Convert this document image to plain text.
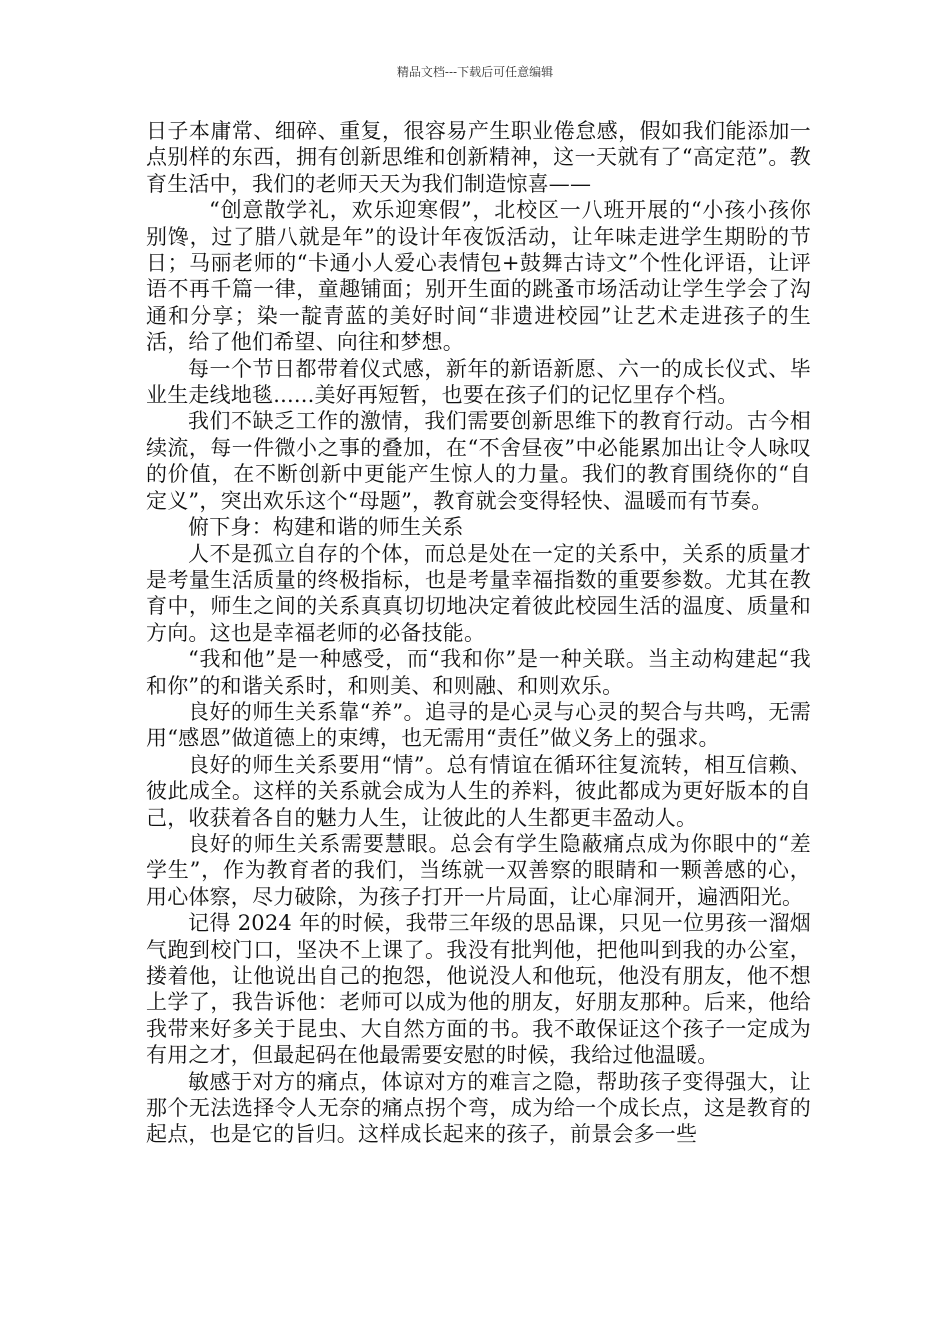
精品文档---下载后可任意编辑

日子本庸常、细碎、重复，很容易产生职业倦怠感，假如我们能添加一点别样的东西，拥有创新思维和创新精神，这一天就有了“高定范”。教育生活中，我们的老师天天为我们制造惊喜——

“创意散学礼，欢乐迎寒假”，北校区一八班开展的“小孩小孩你别馋，过了腊八就是年”的设计年夜饭活动，让年味走进学生期盼的节日；马丽老师的“卡通小人爱心表情包+鼓舞古诗文”个性化评语，让评语不再千篇一律，童趣铺面；别开生面的跳蚤市场活动让学生学会了沟通和分享；染一靛青蓝的美好时间“非遗进校园”让艺术走进孩子的生活，给了他们希望、向往和梦想。

每一个节日都带着仪式感，新年的新语新愿、六一的成长仪式、毕业生走线地毯......美好再短暂，也要在孩子们的记忆里存个档。

我们不缺乏工作的激情，我们需要创新思维下的教育行动。古今相续流，每一件微小之事的叠加，在“不舍昼夜”中必能累加出让令人咏叹的价值，在不断创新中更能产生惊人的力量。我们的教育围绕你的“自定义”，突出欢乐这个“母题”，教育就会变得轻快、温暖而有节奏。

俯下身：构建和谐的师生关系

人不是孤立自存的个体，而总是处在一定的关系中，关系的质量才是考量生活质量的终极指标，也是考量幸福指数的重要参数。尤其在教育中，师生之间的关系真真切切地决定着彼此校园生活的温度、质量和方向。这也是幸福老师的必备技能。

“我和他”是一种感受，而“我和你”是一种关联。当主动构建起“我和你”的和谐关系时，和则美、和则融、和则欢乐。

良好的师生关系靠“养”。追寻的是心灵与心灵的契合与共鸣，无需用“感恩”做道德上的束缚，也无需用“责任”做义务上的强求。

良好的师生关系要用“情”。总有情谊在循环往复流转，相互信赖、彼此成全。这样的关系就会成为人生的养料，彼此都成为更好版本的自己，收获着各自的魅力人生，让彼此的人生都更丰盈动人。

良好的师生关系需要慧眼。总会有学生隐蔽痛点成为你眼中的“差学生”，作为教育者的我们，当练就一双善察的眼睛和一颗善感的心，用心体察，尽力破除，为孩子打开一片局面，让心扉洞开，遍洒阳光。

记得 2024 年的时候，我带三年级的思品课，只见一位男孩一溜烟气跑到校门口，坚决不上课了。我没有批判他，把他叫到我的办公室，搂着他，让他说出自己的抱怨，他说没人和他玩，他没有朋友，他不想上学了，我告诉他：老师可以成为他的朋友，好朋友那种。后来，他给我带来好多关于昆虫、大自然方面的书。我不敢保证这个孩子一定成为有用之才，但最起码在他最需要安慰的时候，我给过他温暖。

敏感于对方的痛点，体谅对方的难言之隐，帮助孩子变得强大，让那个无法选择令人无奈的痛点拐个弯，成为给一个成长点，这是教育的起点，也是它的旨归。这样成长起来的孩子，前景会多一些
